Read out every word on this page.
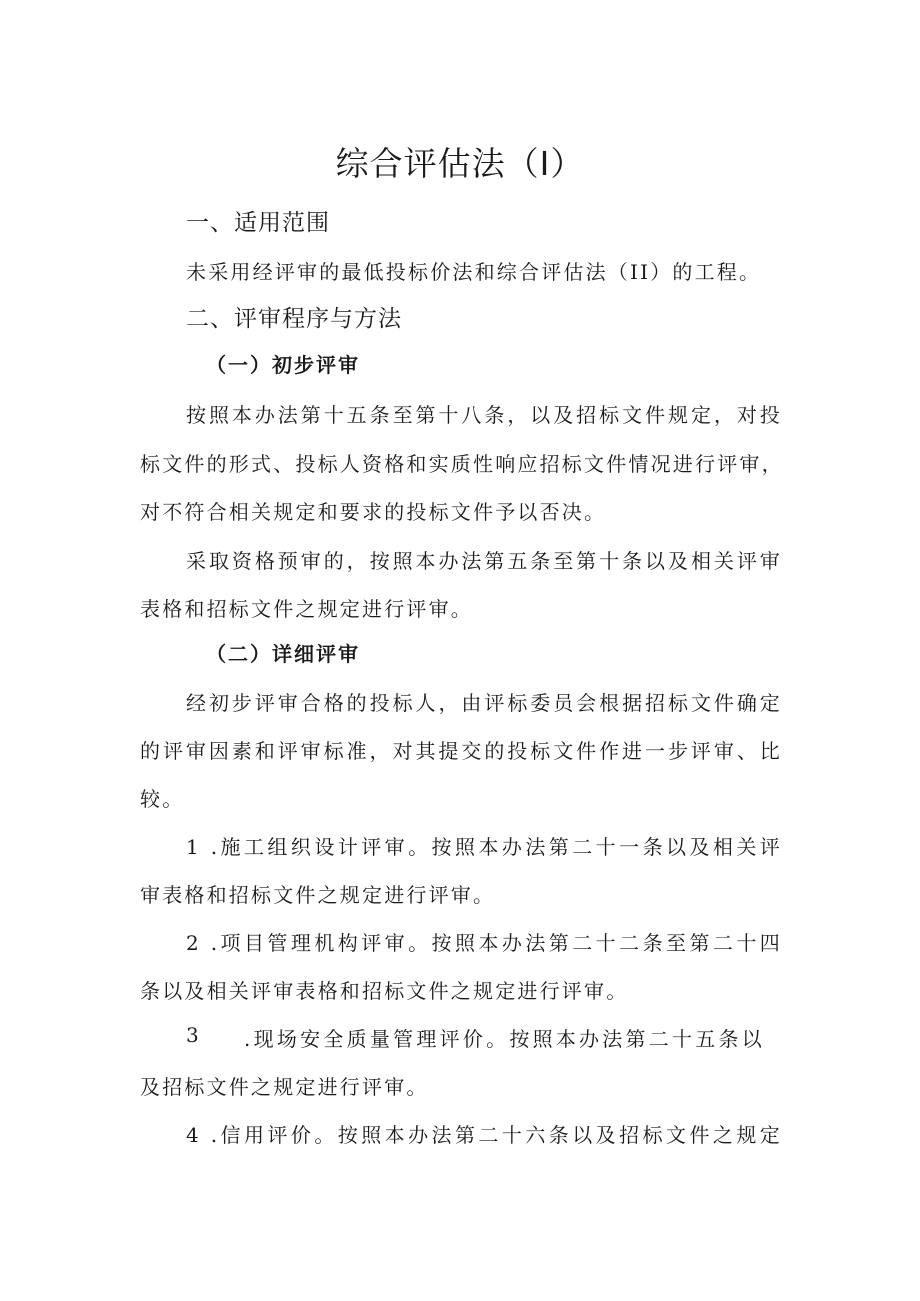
综合评估法（I）
一、适用范围
未采用经评审的最低投标价法和综合评估法（II）的工程。
二、评审程序与方法
（一）初步评审
按照本办法第十五条至第十八条，以及招标文件规定，对投
标文件的形式、投标人资格和实质性响应招标文件情况进行评审，
对不符合相关规定和要求的投标文件予以否决。
采取资格预审的，按照本办法第五条至第十条以及相关评审
表格和招标文件之规定进行评审。
（二）详细评审
经初步评审合格的投标人，由评标委员会根据招标文件确定
的评审因素和评审标准，对其提交的投标文件作进一步评审、比
较。
1 .施工组织设计评审。按照本办法第二十一条以及相关评
审表格和招标文件之规定进行评审。
2 .项目管理机构评审。按照本办法第二十二条至第二十四
条以及相关评审表格和招标文件之规定进行评审。
3 .现场安全质量管理评价。按照本办法第二十五条以
及招标文件之规定进行评审。
4 .信用评价。按照本办法第二十六条以及招标文件之规定
